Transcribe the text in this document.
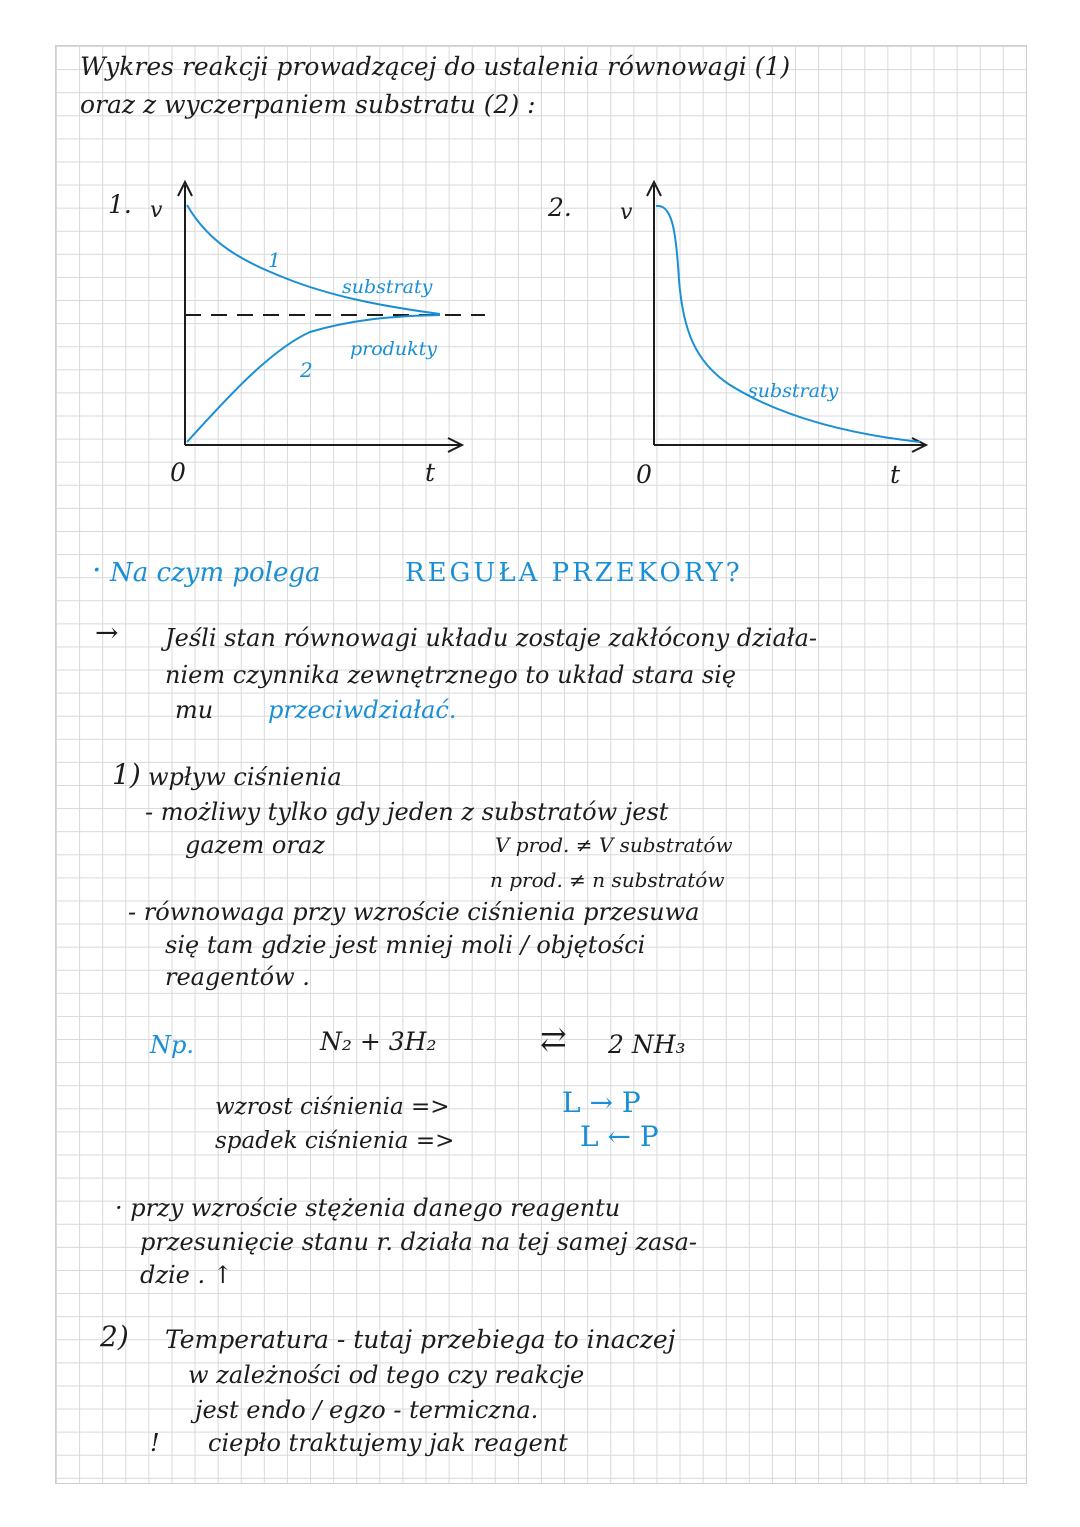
Wykres reakcji prowadzącej do ustalenia równowagi (1)
oraz z wyczerpaniem substratu (2) :
1. v
0	t
1
2
substraty
produkty
2. v
0	t
substraty
· Na czym polega	REGUŁA PRZEKORY?
→ Jeśli stan równowagi układu zostaje zakłócony działa-
niem czynnika zewnętrznego to układ stara się
mu przeciwdziałać.
1) wpływ ciśnienia
- możliwy tylko gdy jeden z substratów jest
gazem oraz	V prod. ≠ V substratów
n prod. ≠ n substratów
- równowaga przy wzroście ciśnienia przesuwa
się tam gdzie jest mniej moli / objętości
reagentów .
Np.	N₂ + 3H₂	⇄ 2 NH₃
wzrost ciśnienia =>	L → P
spadek ciśnienia =>	L ← P
· przy wzroście stężenia danego reagentu
przesunięcie stanu r. działa na tej samej zasa-
dzie . ↑
2) Temperatura - tutaj przebiega to inaczej
w zależności od tego czy reakcje
jest endo / egzo - termiczna.
! ciepło traktujemy jak reagent
